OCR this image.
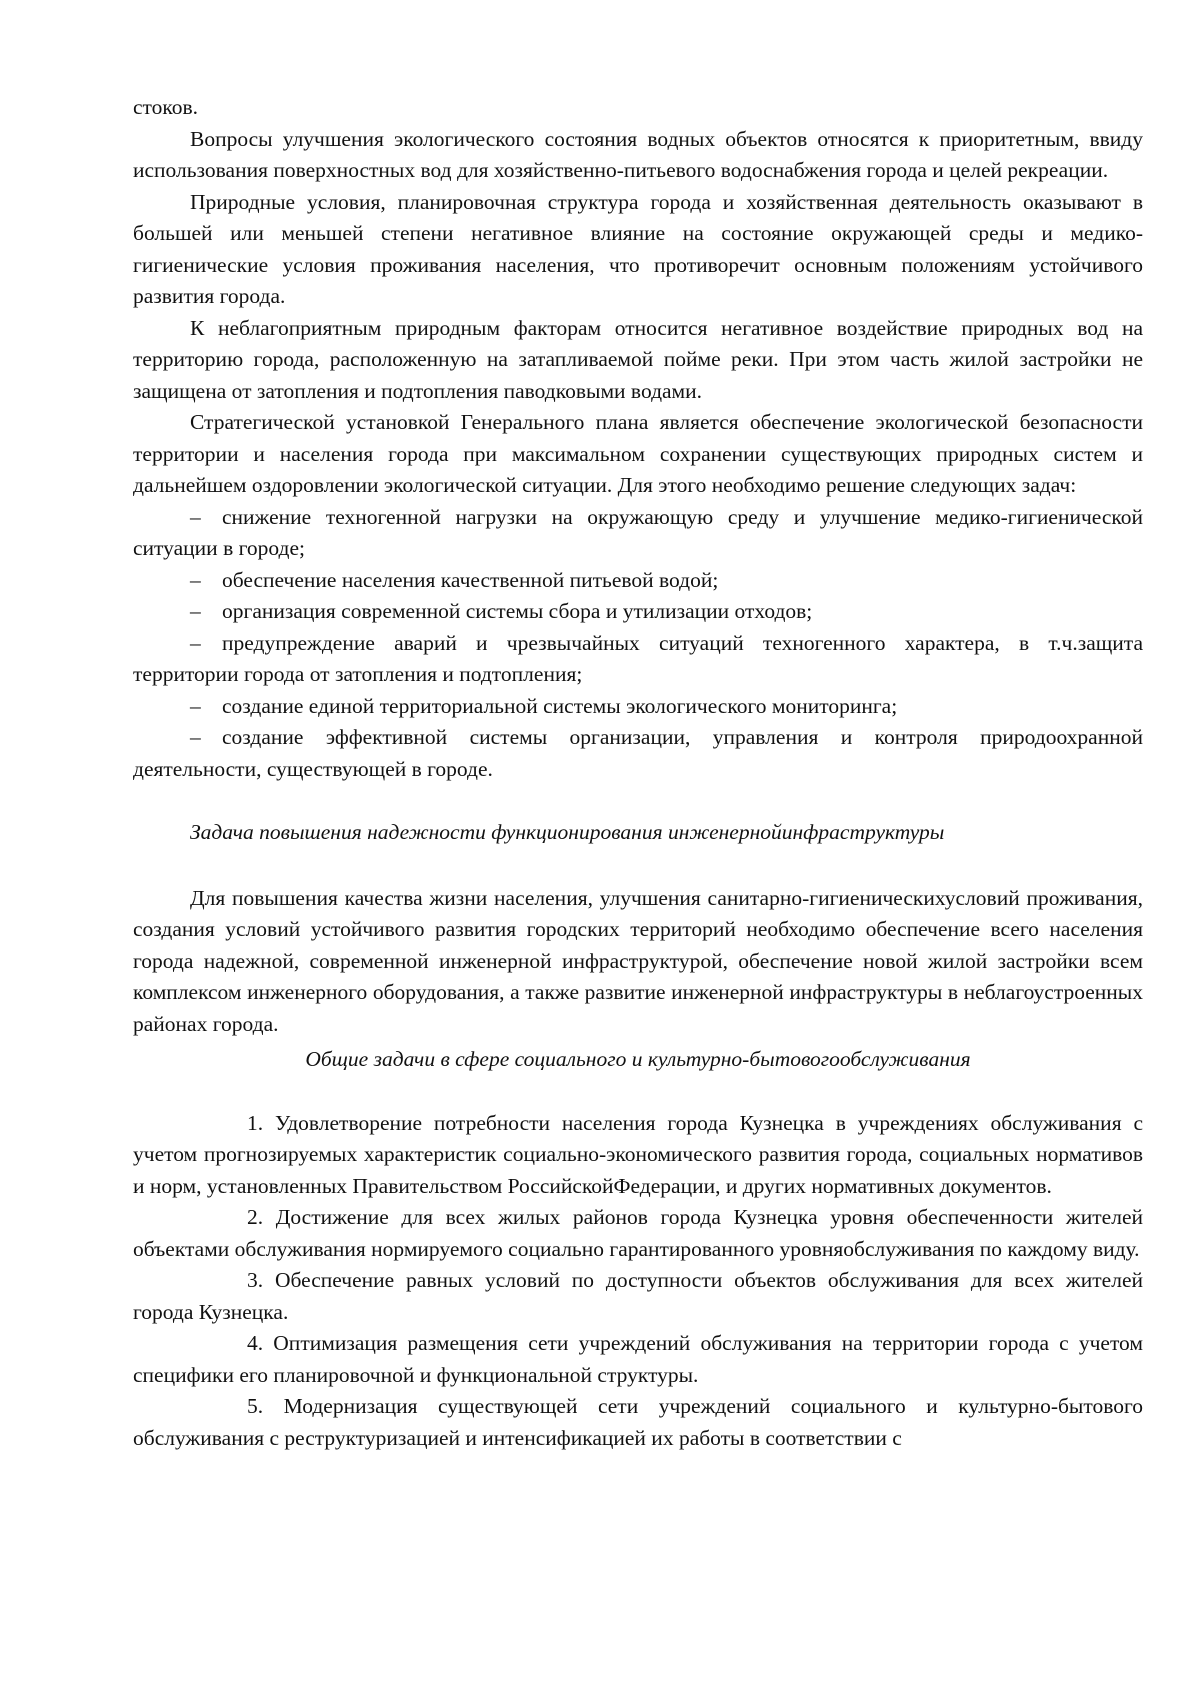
стоков.

Вопросы улучшения экологического состояния водных объектов относятся к приоритетным, ввиду использования поверхностных вод для хозяйственно-питьевого водоснабжения города и целей рекреации.

Природные условия, планировочная структура города и хозяйственная деятельность оказывают в большей или меньшей степени негативное влияние на состояние окружающей среды и медико-гигиенические условия проживания населения, что противоречит основным положениям устойчивого развития города.

К неблагоприятным природным факторам относится негативное воздействие природных вод на территорию города, расположенную на затапливаемой пойме реки. При этом часть жилой застройки не защищена от затопления и подтопления паводковыми водами.

Стратегической установкой Генерального плана является обеспечение экологической безопасности территории и населения города при максимальном сохранении существующих природных систем и дальнейшем оздоровлении экологической ситуации. Для этого необходимо решение следующих задач:

– снижение техногенной нагрузки на окружающую среду и улучшение медико-гигиенической ситуации в городе;

– обеспечение населения качественной питьевой водой;

– организация современной системы сбора и утилизации отходов;

– предупреждение аварий и чрезвычайных ситуаций техногенного характера, в т.ч.защита территории города от затопления и подтопления;

– создание единой территориальной системы экологического мониторинга;

– создание эффективной системы организации, управления и контроля природоохранной деятельности, существующей в городе.

Задача повышения надежности функционирования инженернойинфраструктуры

Для повышения качества жизни населения, улучшения санитарно-гигиеническихусловий проживания, создания условий устойчивого развития городских территорий необходимо обеспечение всего населения города надежной, современной инженерной инфраструктурой, обеспечение новой жилой застройки всем комплексом инженерного оборудования, а также развитие инженерной инфраструктуры в неблагоустроенных районах города.

Общие задачи в сфере социального и культурно-бытовогообслуживания

1. Удовлетворение потребности населения города Кузнецка в учреждениях обслуживания с учетом прогнозируемых характеристик социально-экономического развития города, социальных нормативов и норм, установленных Правительством РоссийскойФедерации, и других нормативных документов.

2. Достижение для всех жилых районов города Кузнецка уровня обеспеченности жителей объектами обслуживания нормируемого социально гарантированного уровняобслуживания по каждому виду.

3. Обеспечение равных условий по доступности объектов обслуживания для всех жителей города Кузнецка.

4. Оптимизация размещения сети учреждений обслуживания на территории города с учетом специфики его планировочной и функциональной структуры.

5. Модернизация существующей сети учреждений социального и культурно-бытового обслуживания с реструктуризацией и интенсификацией их работы в соответствии с
